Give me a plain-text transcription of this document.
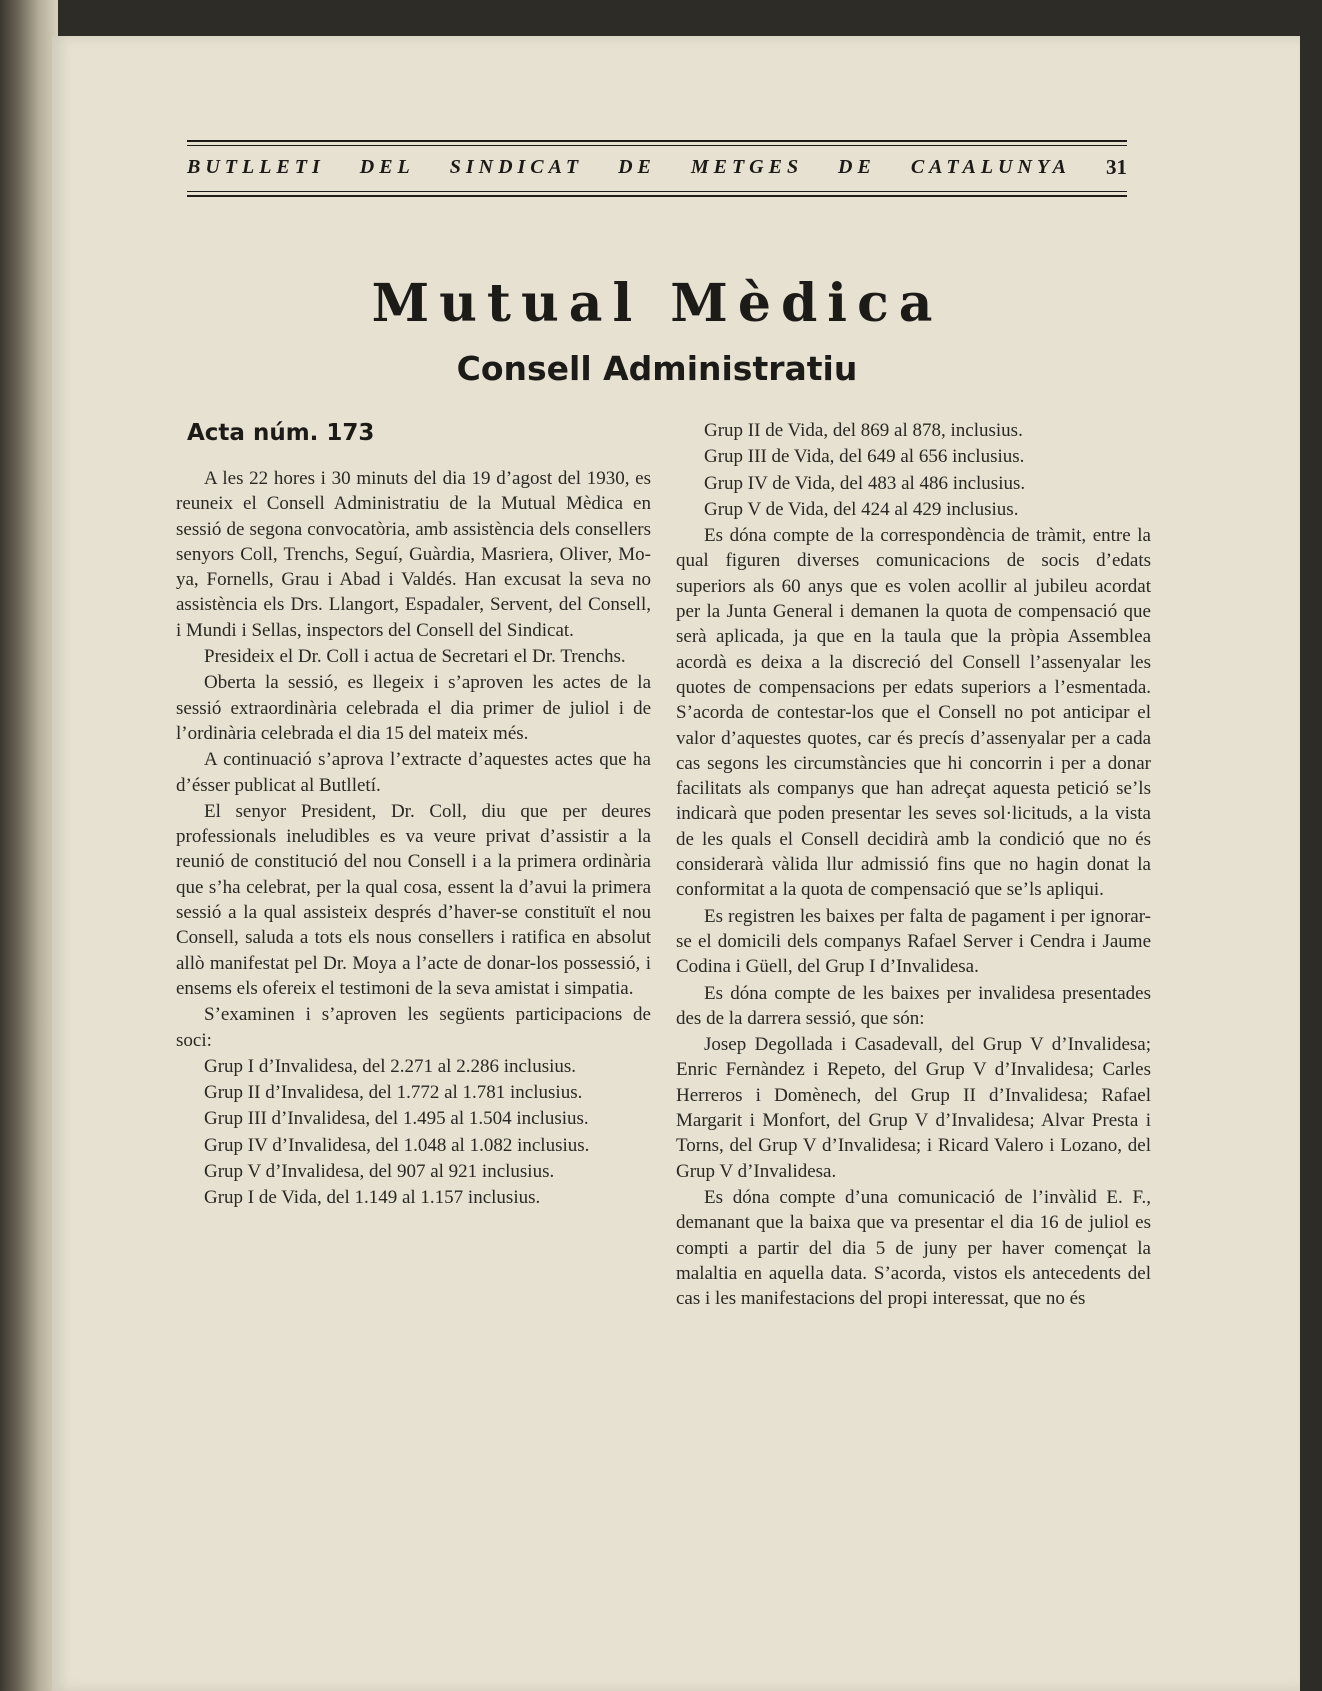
BUTLLETI DEL SINDICAT DE METGES DE CATALUNYA 31
Mutual Mèdica
Consell Administratiu
Acta núm. 173

A les 22 hores i 30 minuts del dia 19 d’agost del 1930, es reuneix el Consell Administratiu de la Mutual Mèdica en sessió de segona convocatòria, amb assistència dels consellers senyors Coll, Trenchs, Seguí, Guàrdia, Masriera, Oliver, Moya, Fornells, Grau i Abad i Valdés. Han excusat la seva no assistència els Drs. Llangort, Espadaler, Servent, del Consell, i Mundi i Sellas, inspectors del Consell del Sindicat.

Presideix el Dr. Coll i actua de Secretari el Dr. Trenchs.

Oberta la sessió, es llegeix i s’aproven les actes de la sessió extraordinària celebrada el dia primer de juliol i de l’ordinària celebrada el dia 15 del mateix més.

A continuació s’aprova l’extracte d’aquestes actes que ha d’ésser publicat al Butlletí.

El senyor President, Dr. Coll, diu que per deures professionals ineludibles es va veure privat d’assistir a la reunió de constitució del nou Consell i a la primera ordinària que s’ha celebrat, per la qual cosa, essent la d’avui la primera sessió a la qual assisteix després d’haver-se constituït el nou Consell, saluda a tots els nous consellers i ratifica en absolut allò manifestat pel Dr. Moya a l’acte de donar-los possessió, i ensems els ofereix el testimoni de la seva amistat i simpatia.

S’examinen i s’aproven les següents participacions de soci:

Grup I d’Invalidesa, del 2.271 al 2.286 inclusius.

Grup II d’Invalidesa, del 1.772 al 1.781 inclusius.

Grup III d’Invalidesa, del 1.495 al 1.504 inclusius.

Grup IV d’Invalidesa, del 1.048 al 1.082 inclusius.

Grup V d’Invalidesa, del 907 al 921 inclusius.

Grup I de Vida, del 1.149 al 1.157 inclusius.

Grup II de Vida, del 869 al 878, inclusius.

Grup III de Vida, del 649 al 656 inclusius.

Grup IV de Vida, del 483 al 486 inclusius.

Grup V de Vida, del 424 al 429 inclusius.

Es dóna compte de la correspondència de tràmit, entre la qual figuren diverses comunicacions de socis d’edats superiors als 60 anys que es volen acollir al jubileu acordat per la Junta General i demanen la quota de compensació que serà aplicada, ja que en la taula que la pròpia Assemblea acordà es deixa a la discreció del Consell l’assenyalar les quotes de compensacions per edats superiors a l’esmentada. S’acorda de contestar-los que el Consell no pot anticipar el valor d’aquestes quotes, car és precís d’assenyalar per a cada cas segons les circumstàncies que hi concorrin i per a donar facilitats als companys que han adreçat aquesta petició se’ls indicarà que poden presentar les seves sol·licituds, a la vista de les quals el Consell decidirà amb la condició que no és considerarà vàlida llur admissió fins que no hagin donat la conformitat a la quota de compensació que se’ls apliqui.

Es registren les baixes per falta de pagament i per ignorar-se el domicili dels companys Rafael Server i Cendra i Jaume Codina i Güell, del Grup I d’Invalidesa.

Es dóna compte de les baixes per invalidesa presentades des de la darrera sessió, que són:

Josep Degollada i Casadevall, del Grup V d’Invalidesa; Enric Fernàndez i Repeto, del Grup V d’Invalidesa; Carles Herreros i Domènech, del Grup II d’Invalidesa; Rafael Margarit i Monfort, del Grup V d’Invalidesa; Alvar Presta i Torns, del Grup V d’Invalidesa; i Ricard Valero i Lozano, del Grup V d’Invalidesa.

Es dóna compte d’una comunicació de l’invàlid E. F., demanant que la baixa que va presentar el dia 16 de juliol es compti a partir del dia 5 de juny per haver començat la malaltia en aquella data. S’acorda, vistos els antecedents del cas i les manifestacions del propi interessat, que no és
